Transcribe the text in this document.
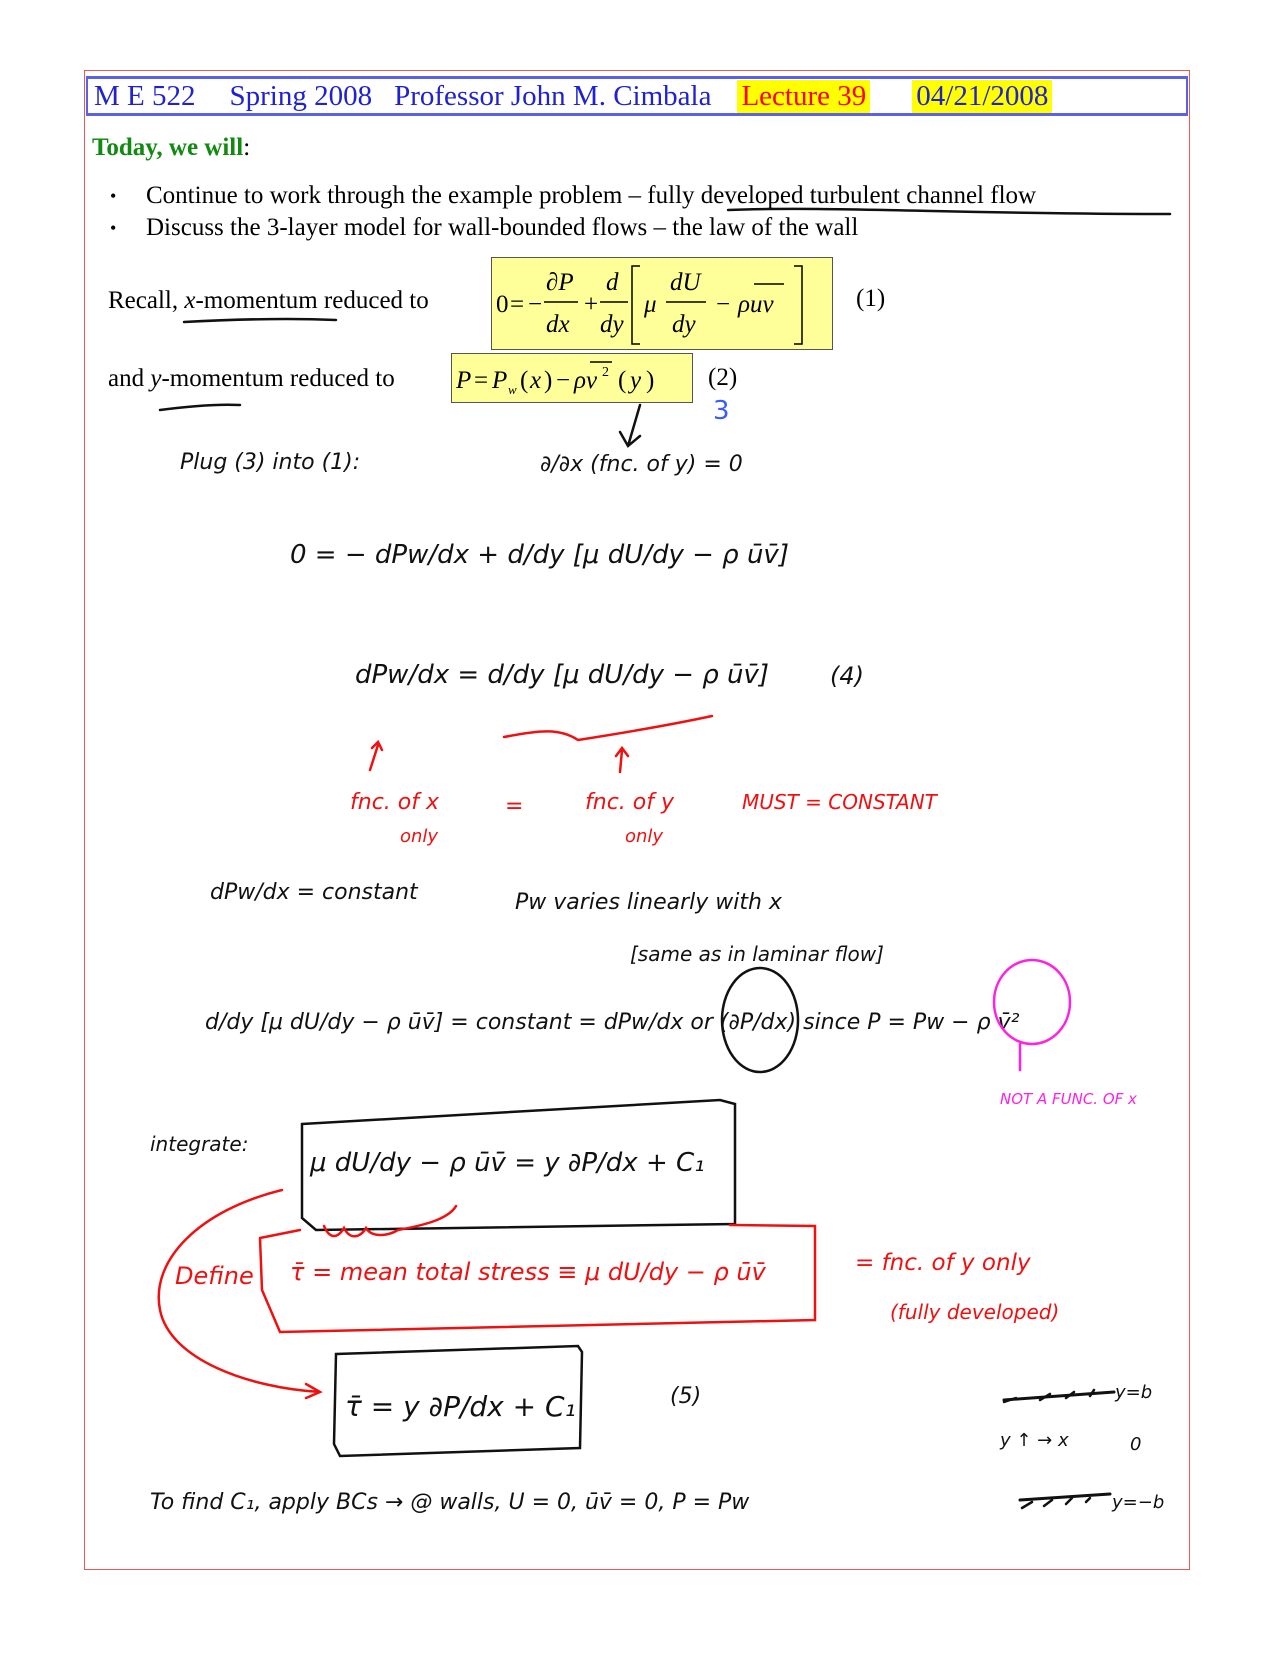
M E 522 Spring 2008 Professor John M. Cimbala Lecture 39 04/21/2008
Today, we will:
• Continue to work through the example problem – fully developed turbulent channel flow
• Discuss the 3-layer model for wall-bounded flows – the law of the wall
Recall, x-momentum reduced to	0 = −
∂P
dx
+
d
dy
μ
dU
dy
− ρuv	(1)
and y-momentum reduced to P = P w ( x ) − ρv 2 ( y ) (2)
3
Plug (3) into (1):	∂/∂x (fnc. of y) = 0
0 = − dPw/dx + d/dy [μ dU/dy − ρ ūv̄]
dPw/dx = d/dy [μ dU/dy − ρ ūv̄]	(4)
fnc. of x
only
=	fnc. of y
only
MUST = CONSTANT
dPw/dx = constant	Pw varies linearly with x
[same as in laminar flow]
d/dy [μ dU/dy − ρ ūv̄] = constant = dPw/dx or (∂P/dx) since P = Pw − ρ v̄²
NOT A FUNC. OF x
integrate:
μ dU/dy − ρ ūv̄ = y ∂P/dx + C₁
Define τ̄ = mean total stress ≡ μ dU/dy − ρ ūv̄	= fnc. of y only
(fully developed)
τ̄ = y ∂P/dx + C₁	(5)
To find C₁, apply BCs → @ walls, U = 0, ūv̄ = 0, P = Pw
y=b
y ↑ → x	0
y=−b
